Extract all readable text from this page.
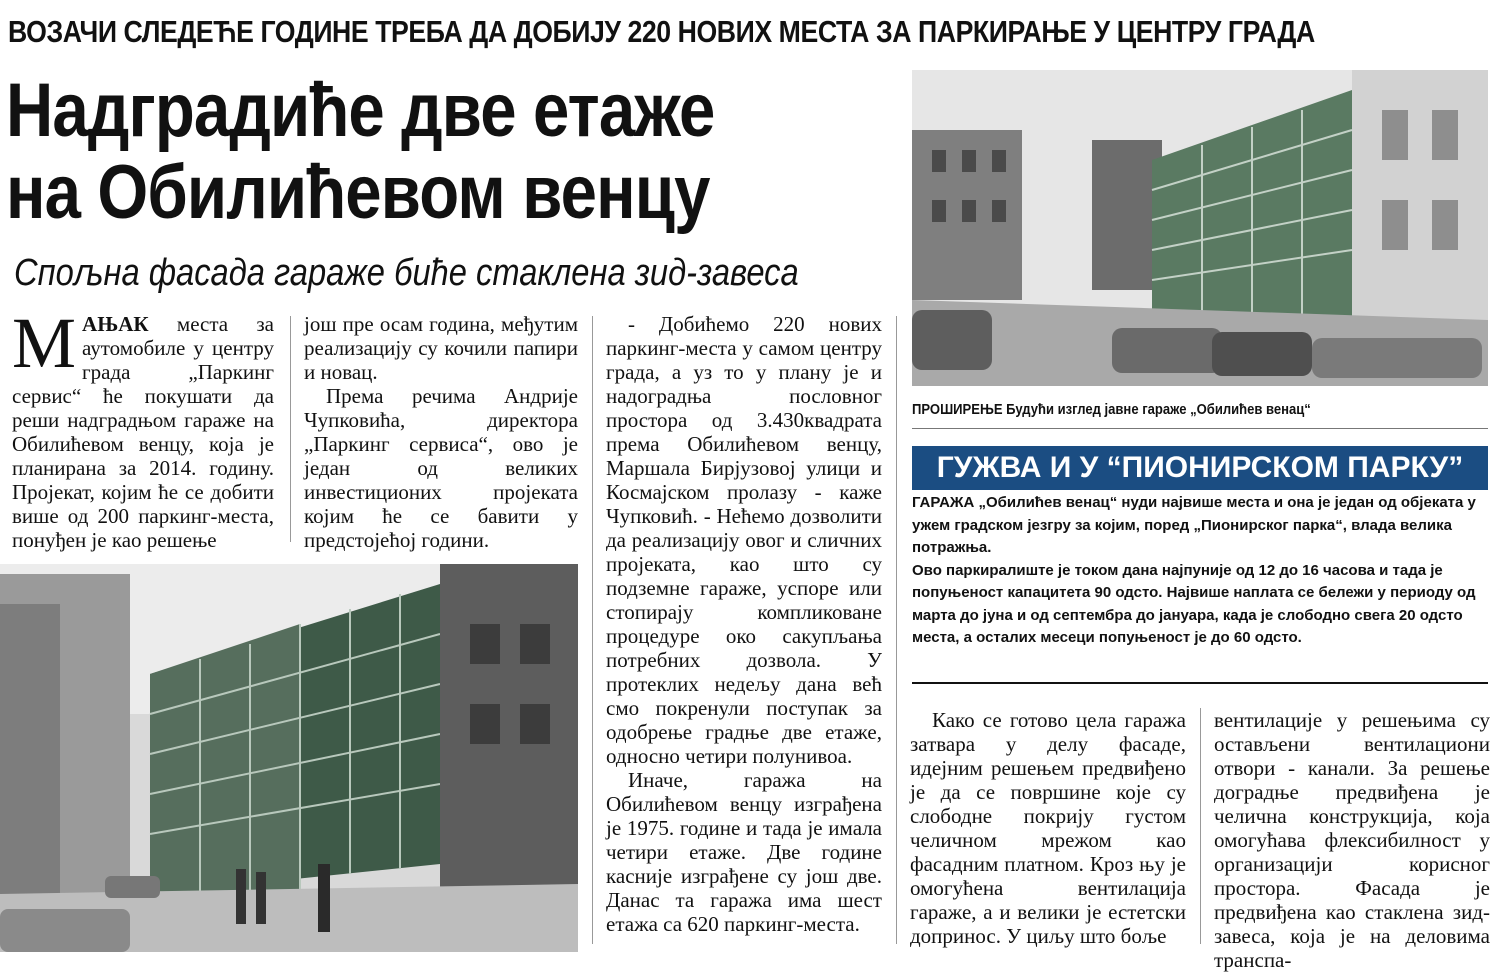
ВОЗАЧИ СЛЕДЕЋЕ ГОДИНЕ ТРЕБА ДА ДОБИЈУ 220 НОВИХ МЕСТА ЗА ПАРКИРАЊЕ У ЦЕНТРУ ГРАДА
Надградиће две етаже
на Обилићевом венцу
Спољна фасада гараже биће стаклена зид-завеса
МАЊАК места за аутомобиле у центру града „Паркинг сервис“ ће покушати да реши надградњом гараже на Обилићевом венцу, која је планирана за 2014. годину. Пројекат, којим ће се добити више од 200 паркинг-места, понуђен је као решење

још пре осам година, међутим реализацију су кочили папири и новац.

Према речима Андрије Чупковића, директора „Паркинг сервиса“, ово је један од великих инвестиционих пројеката којим ће се бавити у предстојећој години.

- Добићемо 220 нових паркинг-места у самом центру града, а уз то у плану је и надоградња пословног простора од 3.430квадрата према Обилићевом венцу, Маршала Бирјузовој улици и Космајском пролазу - каже Чупковић. - Нећемо дозволити да реализацију овог и сличних пројеката, као што су подземне гараже, успоре или стопирају компликоване процедуре око сакупљања потребних дозвола. У протеклих недељу дана већ смо покренули поступак за одобрење градње две етаже, односно четири полунивоа.

Иначе, гаража на Обилићевом венцу изграђена је 1975. године и тада је имала четири етаже. Две године касније изграђене су још две. Данас та гаража има шест етажа са 620 паркинг-места.

ПРОШИРЕЊЕ Будући изглед јавне гараже „Обилићев венац“
ГУЖВА И У “ПИОНИРСКОМ ПАРКУ”

ГАРАЖА „Обилићев венац“ нуди највише места и она је један од објеката у ужем градском језгру за којим, поред „Пионирског парка“, влада велика потражња.

Ово паркиралиште је током дана најпуније од 12 до 16 часова и тада је попуњеност капацитета 90 одсто. Највише наплата се бележи у периоду од марта до јуна и од септембра до јануара, када је слободно свега 20 одсто места, а осталих месеци попуњеност је до 60 одсто.

Како се готово цела гаража затвара у делу фасаде, идејним решењем предвиђено је да се површине које су слободне покрију густом челичном мрежом као фасадним платном. Кроз њу је омогућена вентилација гараже, а и велики је естетски допринос. У циљу што боље

вентилације у решењима су остављени вентилациони отвори - канали. За решење доградње предвиђена је челична конструкција, која омогућава флексибилност у организацији корисног простора. Фасада је предвиђена као стаклена зид-завеса, која је на деловима транспа-
